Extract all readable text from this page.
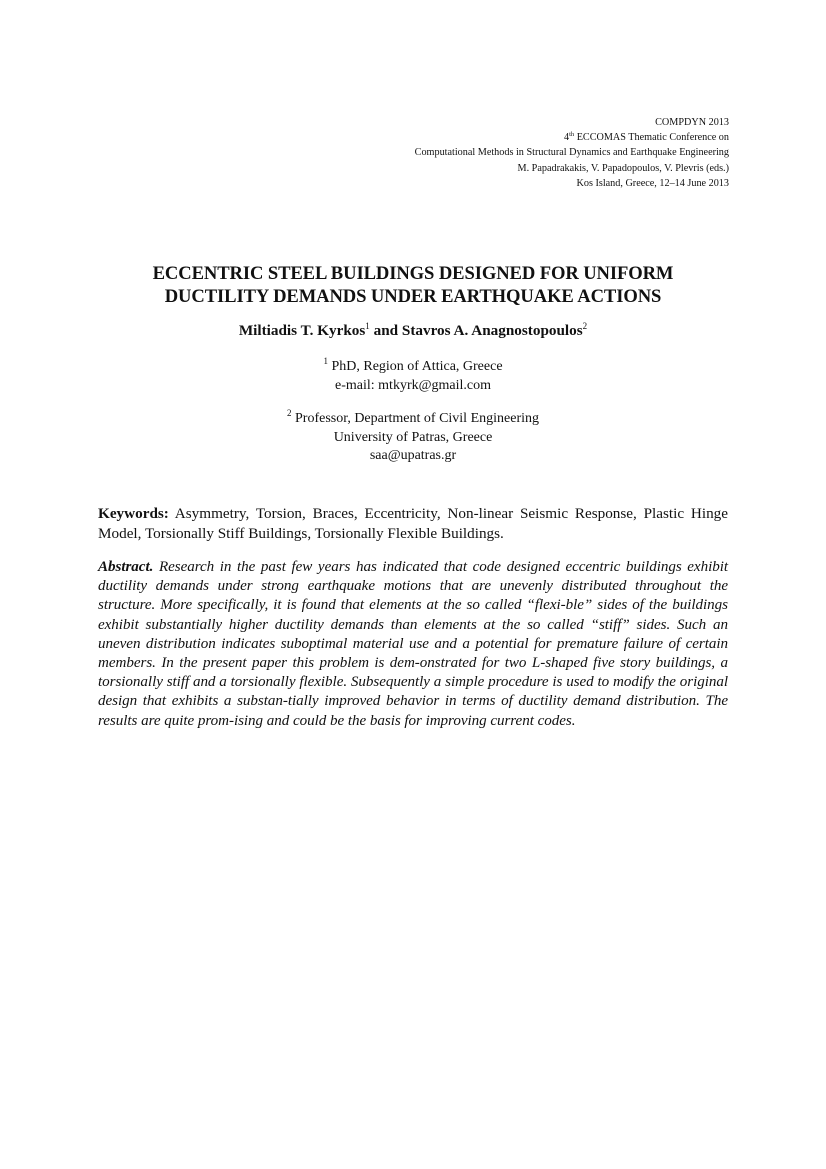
COMPDYN 2013
4th ECCOMAS Thematic Conference on
Computational Methods in Structural Dynamics and Earthquake Engineering
M. Papadrakakis, V. Papadopoulos, V. Plevris (eds.)
Kos Island, Greece, 12–14 June 2013
ECCENTRIC STEEL BUILDINGS DESIGNED FOR UNIFORM
DUCTILITY DEMANDS UNDER EARTHQUAKE ACTIONS
Miltiadis T. Kyrkos$^1$ and Stavros A. Anagnostopoulos$^2$
$^1$ PhD, Region of Attica, Greece
e-mail: mtkyrk@gmail.com
$^2$ Professor, Department of Civil Engineering
University of Patras, Greece
saa@upatras.gr
Keywords: Asymmetry, Torsion, Braces, Eccentricity, Non-linear Seismic Response, Plastic Hinge Model, Torsionally Stiff Buildings, Torsionally Flexible Buildings.
Abstract. Research in the past few years has indicated that code designed eccentric buildings exhibit ductility demands under strong earthquake motions that are unevenly distributed throughout the structure. More specifically, it is found that elements at the so called “flexi-ble” sides of the buildings exhibit substantially higher ductility demands than elements at the so called “stiff” sides. Such an uneven distribution indicates suboptimal material use and a potential for premature failure of certain members. In the present paper this problem is dem-onstrated for two L-shaped five story buildings, a torsionally stiff and a torsionally flexible. Subsequently a simple procedure is used to modify the original design that exhibits a substan-tially improved behavior in terms of ductility demand distribution. The results are quite prom-ising and could be the basis for improving current codes.
